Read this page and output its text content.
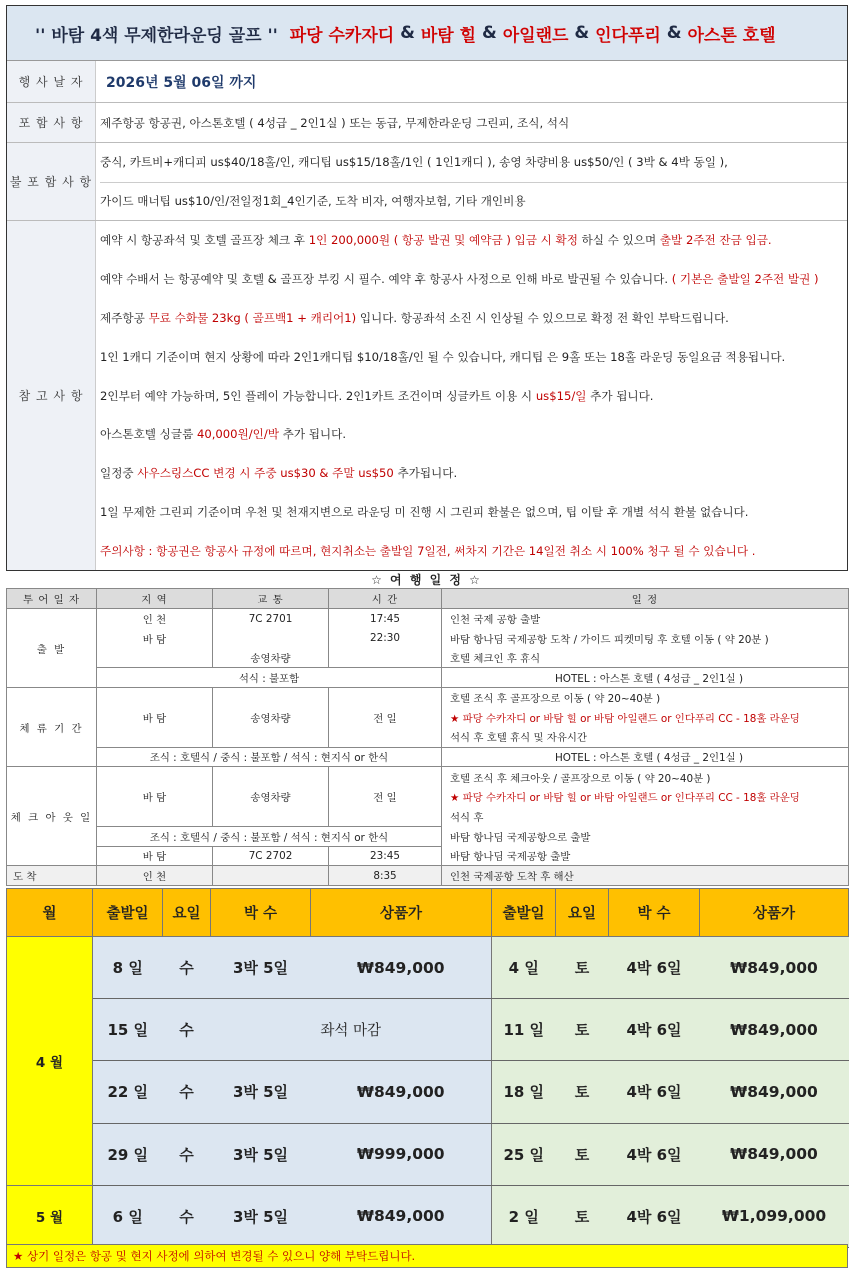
'' 바탐 4색 무제한라운딩 골프 ''
파당 수카자디
&
바탐 힐
&
아일랜드
&
인다푸리
&
아스톤 호텔
행 사 날 자	2026년 5월 06일 까지
포 함 사 항	제주항공 항공권, 아스톤호텔 ( 4성급 _ 2인1실 ) 또는 동급, 무제한라운딩 그린피, 조식, 석식
불 포 함 사 항
중식, 카트비+캐디피 us$40/18홀/인, 캐디팁 us$15/18홀/1인 ( 1인1캐디 ), 송영 차량비용 us$50/인 ( 3박 & 4박 동일 ),
가이드 매너팁 us$10/인/전일정1회_4인기준, 도착 비자, 여행자보험, 기타 개인비용
참 고 사 항
예약 시 항공좌석 및 호텔 골프장 체크 후 1인 200,000원 ( 항공 발권 및 예약금 ) 입금 시 확정 하실 수 있으며 출발 2주전 잔금 입금.
예약 수배서 는 항공예약 및 호텔 & 골프장 부킹 시 필수. 예약 후 항공사 사정으로 인해 바로 발권될 수 있습니다. ( 기본은 출발일 2주전 발권 )
제주항공 무료 수화물 23kg ( 골프백1 + 캐리어1) 입니다. 항공좌석 소진 시 인상될 수 있으므로 확정 전 확인 부탁드립니다.
1인 1캐디 기준이며 현지 상황에 따라 2인1캐디팁 $10/18홀/인 될 수 있습니다, 캐디팁 은 9홀 또는 18홀 라운딩 동일요금 적용됩니다.
2인부터 예약 가능하며, 5인 플레이 가능합니다. 2인1카트 조건이며 싱글카트 이용 시 us$15/일 추가 됩니다.
아스톤호텔 싱글룸 40,000원/인/박 추가 됩니다.
일정중 사우스링스CC 변경 시 주중 us$30 & 주말 us$50 추가됩니다.
1일 무제한 그린피 기준이며 우천 및 천재지변으로 라운딩 미 진행 시 그린피 환불은 없으며, 팁 이탈 후 개별 석식 환불 없습니다.
주의사항 : 항공권은 항공사 규정에 따르며, 현지취소는 출발일 7일전, 써차지 기간은 14일전 취소 시 100% 청구 될 수 있습니다 .
☆ 여 행 일 정 ☆
투 어 일 자	지 역	교 통	시 간	일 정
출 발	인 천	7C 2701	17:45	인천 국제 공항 출발
	바 탐		22:30	바탐 항나딤 국제공항 도착 / 가이드 피켓미팅 후 호텔 이동 ( 약 20분 )
		송영차량		호텔 체크인 후 휴식
	석식 : 불포함			HOTEL : 아스톤 호텔 ( 4성급 _ 2인1실 )
체 류 기 간	바 탐	송영차량	전 일	호텔 조식 후 골프장으로 이동 ( 약 20~40분 )
				★ 파당 수카자디 or 바탐 힐 or 바탐 아일랜드 or 인다푸리 CC - 18홀 라운딩
				석식 후 호텔 휴식 및 자유시간
	조식 : 호텔식 / 중식 : 불포함 / 석식 : 현지식 or 한식			HOTEL : 아스톤 호텔 ( 4성급 _ 2인1실 )
체 크 아 웃 일	바 탐	송영차량	전 일	호텔 조식 후 체크아웃 / 골프장으로 이동 ( 약 20~40분 )
				★ 파당 수카자디 or 바탐 힐 or 바탐 아일랜드 or 인다푸리 CC - 18홀 라운딩
				석식 후
	조식 : 호텔식 / 중식 : 불포함 / 석식 : 현지식 or 한식			바탐 항나딤 국제공항으로 출발
	바 탐	7C 2702	23:45	바탐 항나딤 국제공항 출발
도 착	인 천		8:35	인천 국제공항 도착 후 해산
월	출발일	요일	박 수	상품가	출발일	요일	박 수	상품가
4 월	8 일	수	3박 5일	₩849,000	4 일	토	4박 6일	₩849,000
	15 일	수	좌석 마감		11 일	토	4박 6일	₩849,000
	22 일	수	3박 5일	₩849,000	18 일	토	4박 6일	₩849,000
	29 일	수	3박 5일	₩999,000	25 일	토	4박 6일	₩849,000
5 월	6 일	수	3박 5일	₩849,000	2 일	토	4박 6일	₩1,099,000
★ 상기 일정은 항공 및 현지 사정에 의하여 변경될 수 있으니 양해 부탁드립니다.
